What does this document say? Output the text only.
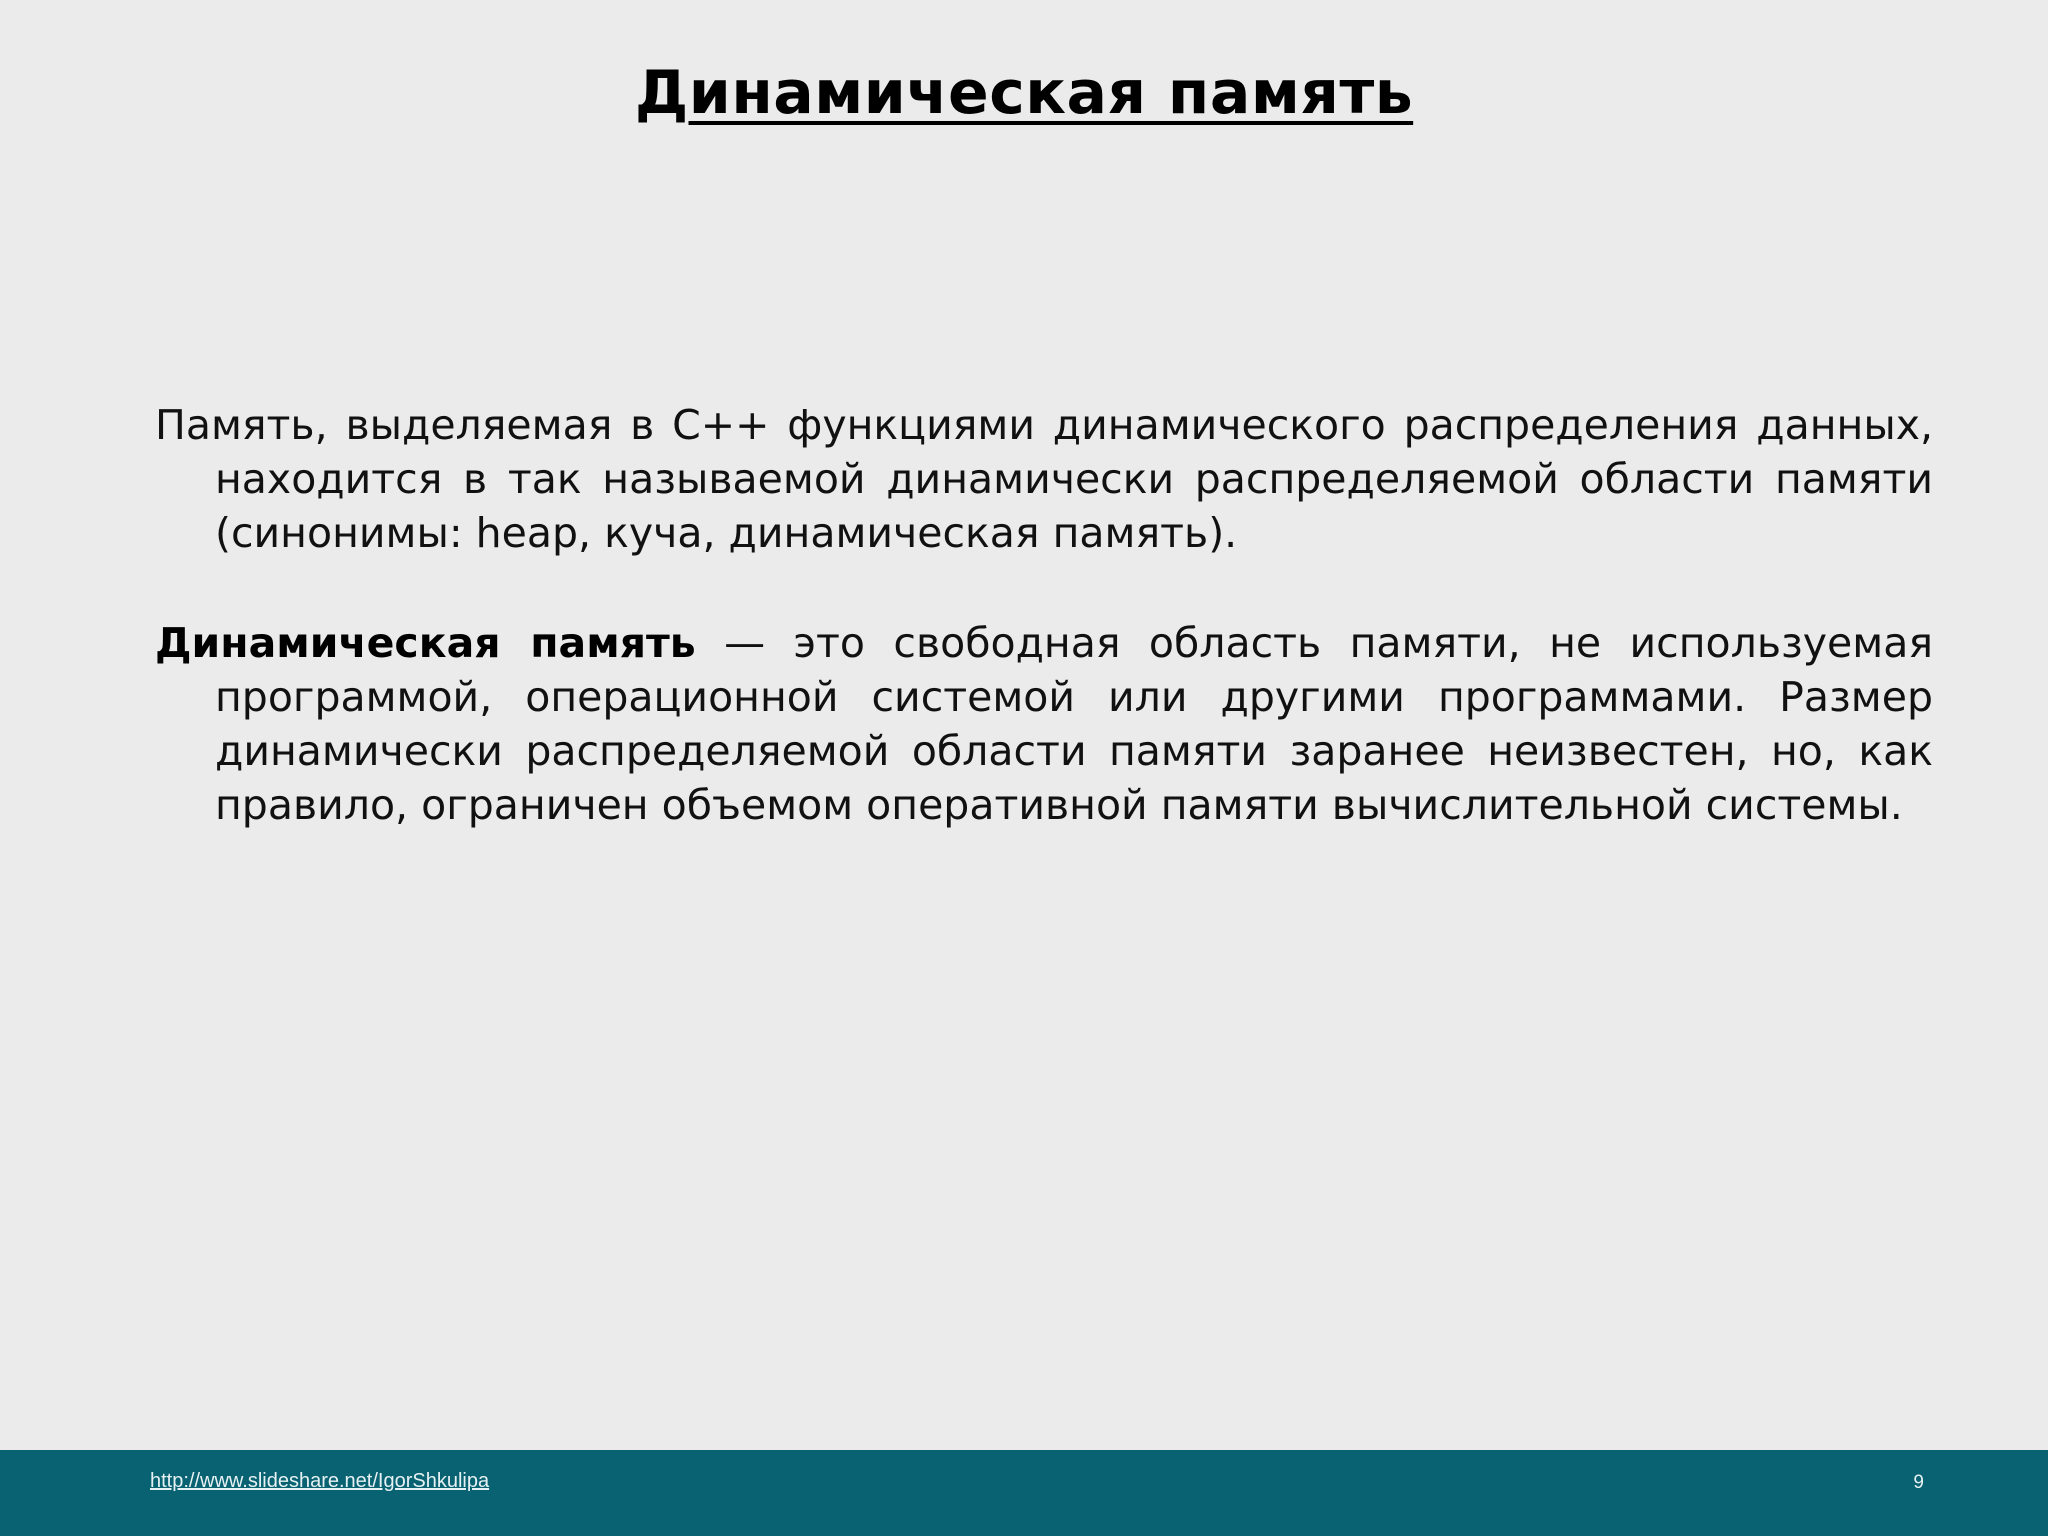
Динамическая память

Память, выделяемая в С++ функциями динамического распределения данных, находится в так называемой динамически распределяемой области памяти (синонимы: heap, куча, динамическая память).

Динамическая память — это свободная область памяти, не используемая программой, операционной системой или другими программами. Размер динамически распределяемой области памяти заранее неизвестен, но, как правило, ограничен объемом оперативной памяти вычислительной системы.

http://www.slideshare.net/IgorShkulipa	9
